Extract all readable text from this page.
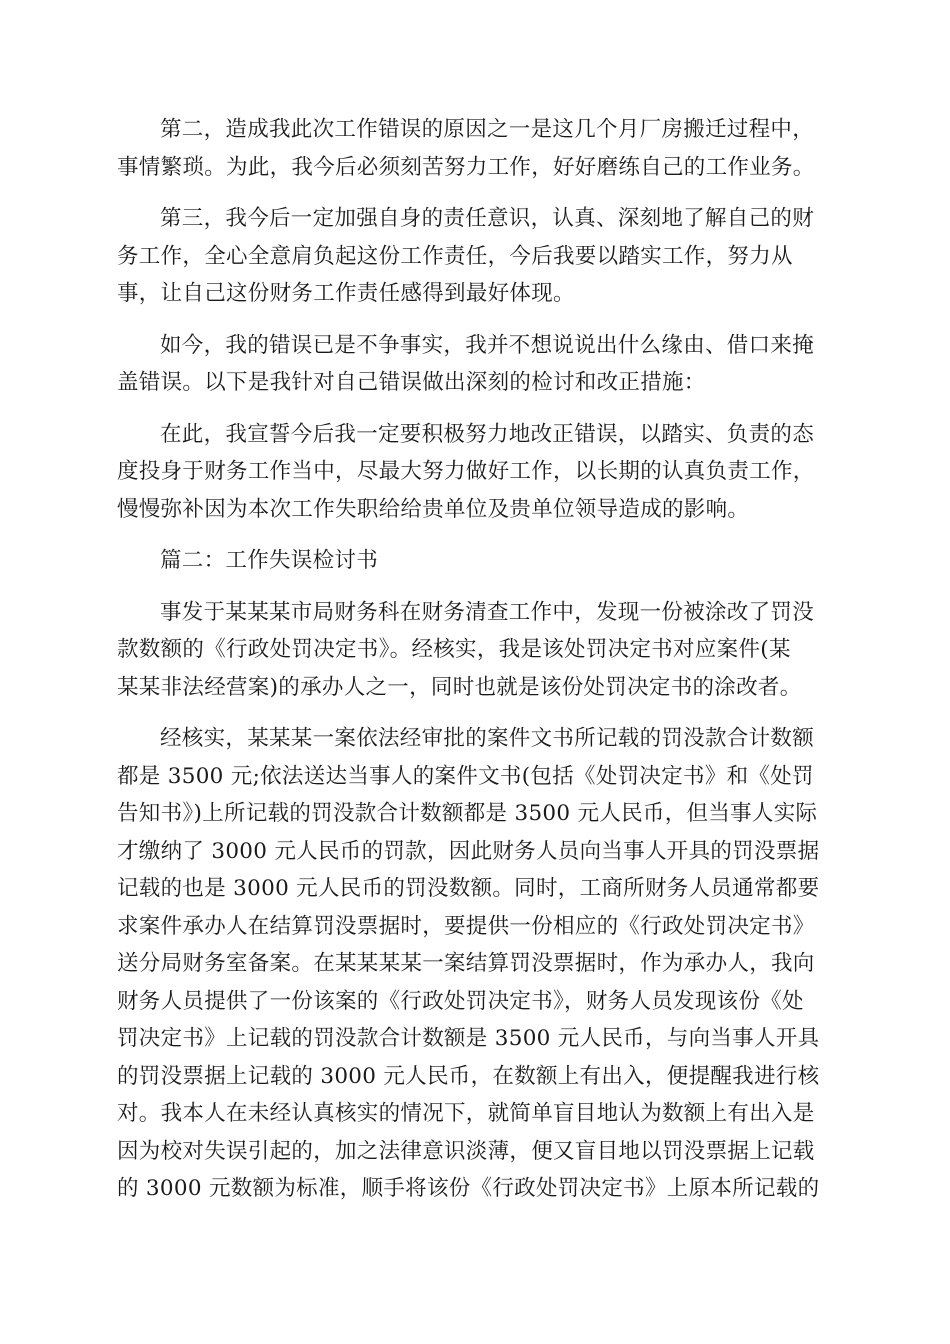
第二，造成我此次工作错误的原因之一是这几个月厂房搬迁过程中，
事情繁琐。为此，我今后必须刻苦努力工作，好好磨练自己的工作业务。

第三，我今后一定加强自身的责任意识，认真、深刻地了解自己的财
务工作，全心全意肩负起这份工作责任，今后我要以踏实工作，努力从
事，让自己这份财务工作责任感得到最好体现。

如今，我的错误已是不争事实，我并不想说说出什么缘由、借口来掩
盖错误。以下是我针对自己错误做出深刻的检讨和改正措施：

在此，我宣誓今后我一定要积极努力地改正错误，以踏实、负责的态
度投身于财务工作当中，尽最大努力做好工作，以长期的认真负责工作，
慢慢弥补因为本次工作失职给给贵单位及贵单位领导造成的影响。

篇二：工作失误检讨书

事发于某某某市局财务科在财务清查工作中，发现一份被涂改了罚没
款数额的《行政处罚决定书》。经核实，我是该处罚决定书对应案件(某
某某非法经营案)的承办人之一，同时也就是该份处罚决定书的涂改者。

经核实，某某某一案依法经审批的案件文书所记载的罚没款合计数额
都是 3500 元;依法送达当事人的案件文书(包括《处罚决定书》和《处罚
告知书》)上所记载的罚没款合计数额都是 3500 元人民币，但当事人实际
才缴纳了 3000 元人民币的罚款，因此财务人员向当事人开具的罚没票据
记载的也是 3000 元人民币的罚没数额。同时，工商所财务人员通常都要
求案件承办人在结算罚没票据时，要提供一份相应的《行政处罚决定书》
送分局财务室备案。在某某某某一案结算罚没票据时，作为承办人，我向
财务人员提供了一份该案的《行政处罚决定书》，财务人员发现该份《处
罚决定书》上记载的罚没款合计数额是 3500 元人民币，与向当事人开具
的罚没票据上记载的 3000 元人民币，在数额上有出入，便提醒我进行核
对。我本人在未经认真核实的情况下，就简单盲目地认为数额上有出入是
因为校对失误引起的，加之法律意识淡薄，便又盲目地以罚没票据上记载
的 3000 元数额为标准，顺手将该份《行政处罚决定书》上原本所记载的
